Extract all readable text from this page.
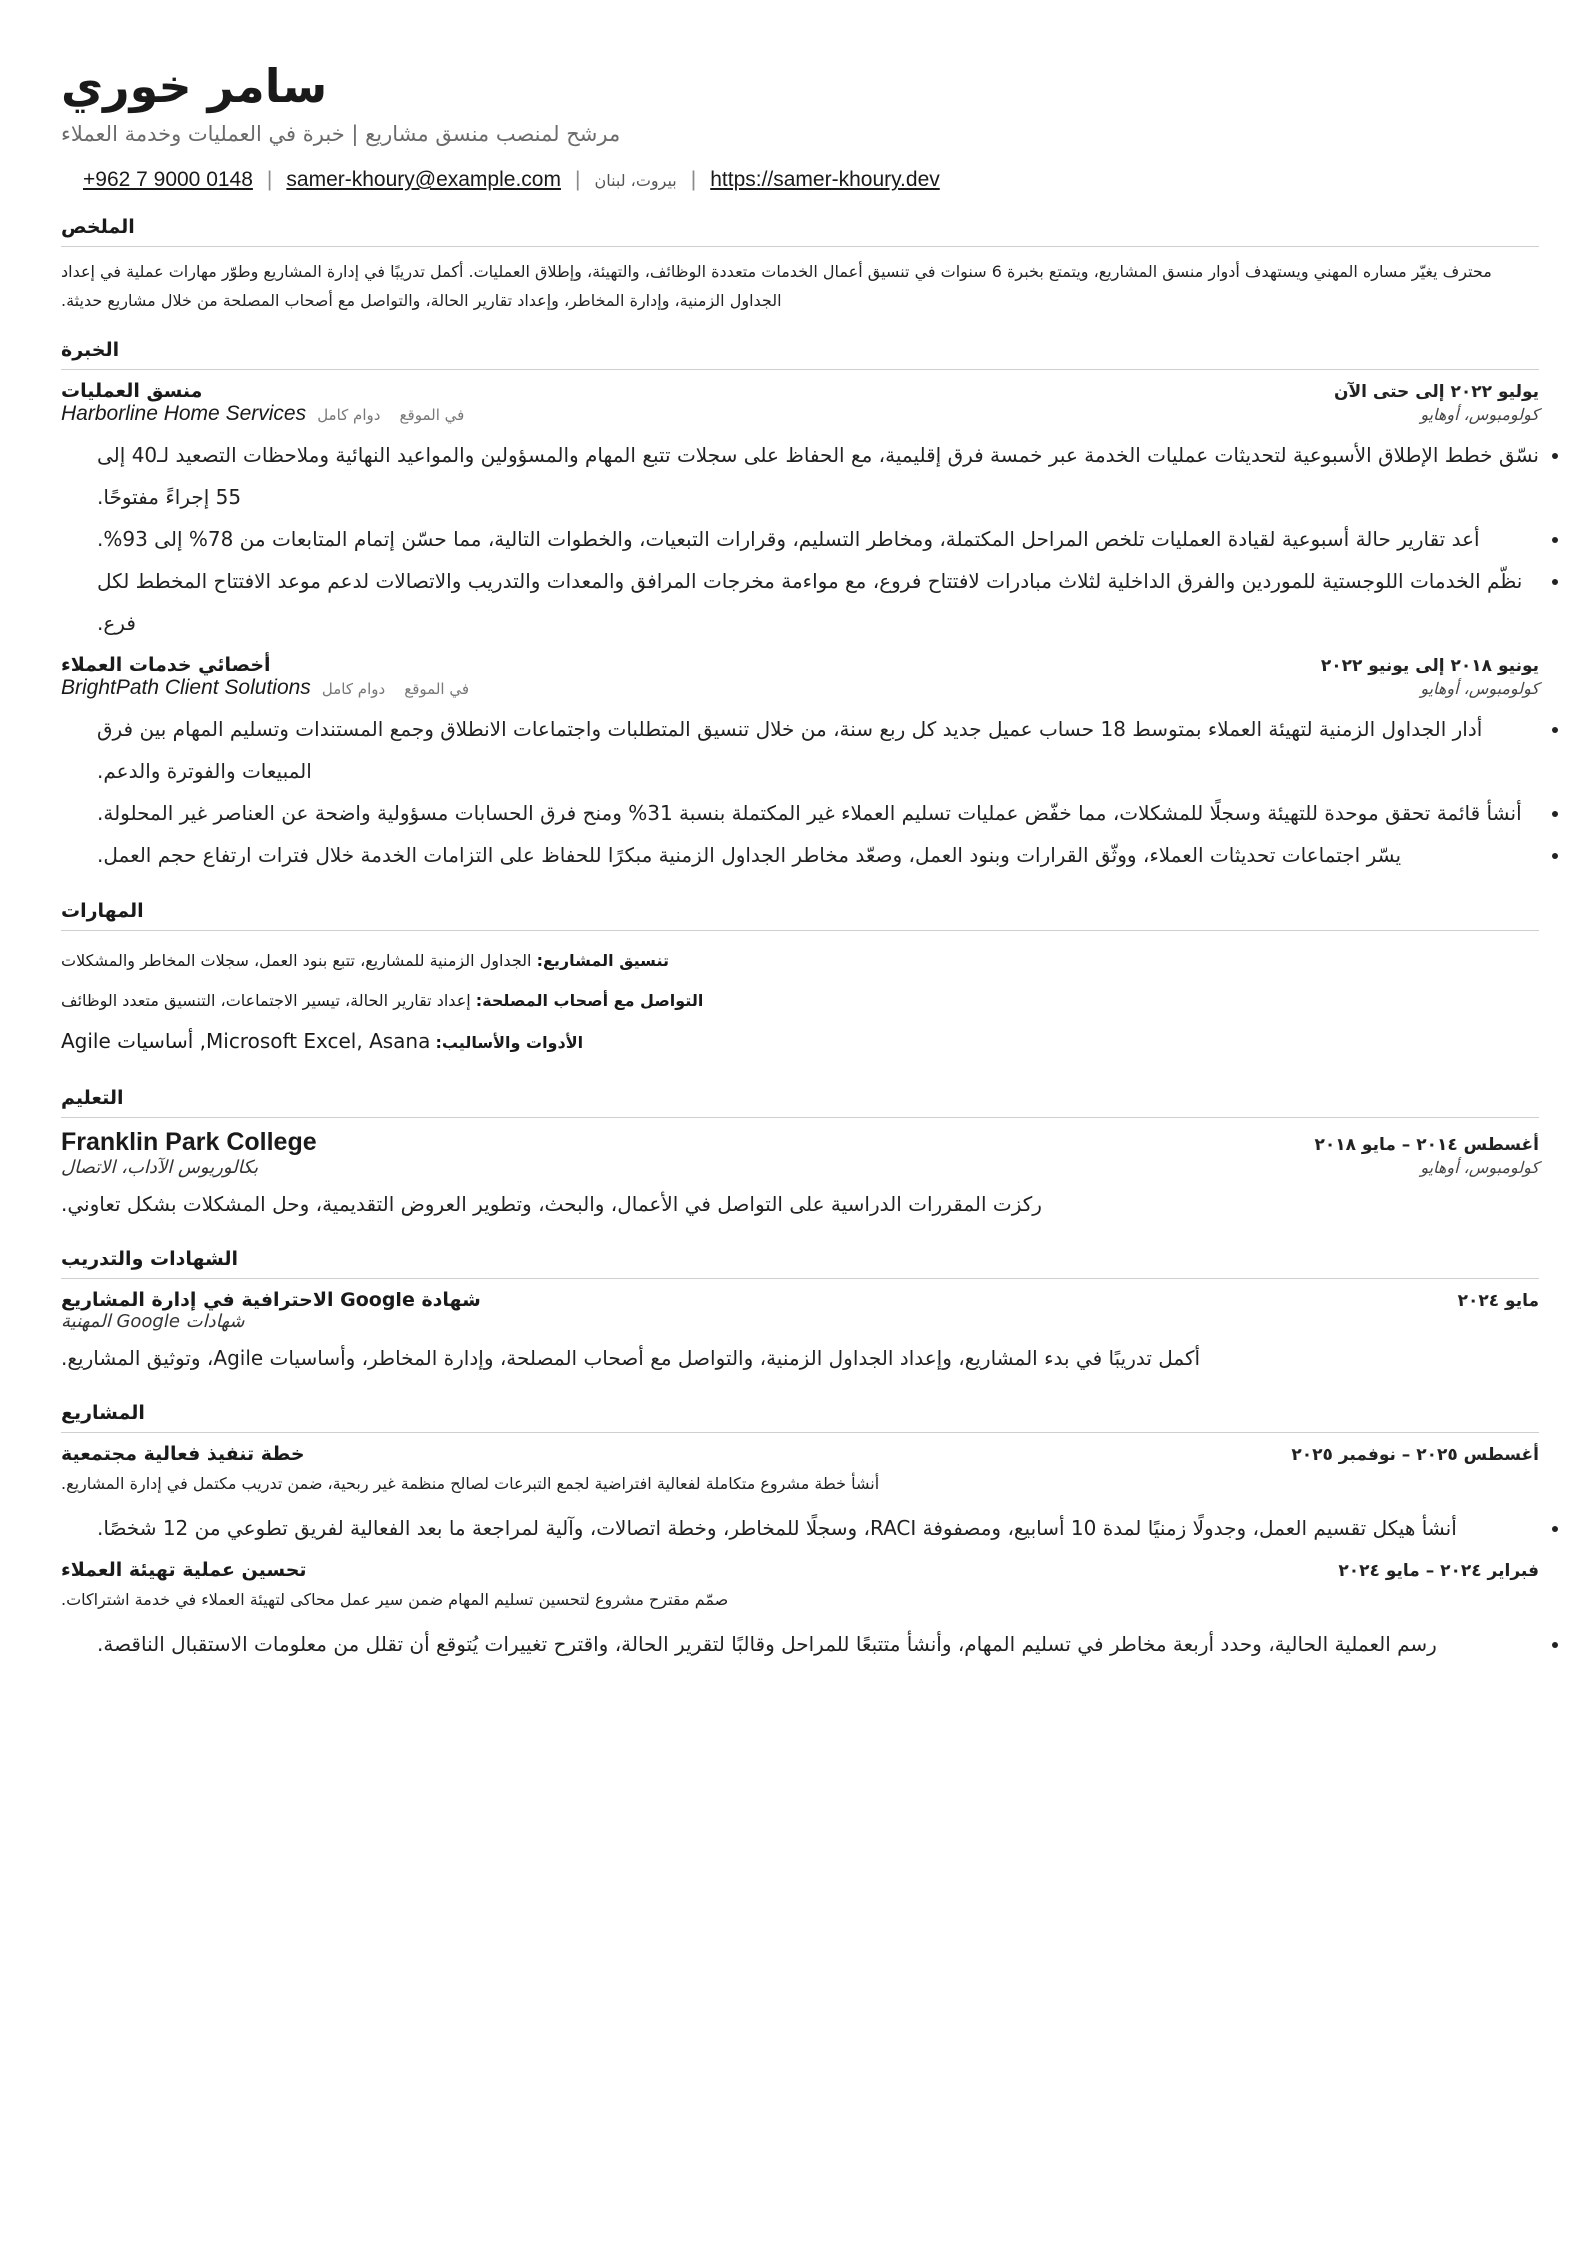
سامر خوري
مرشح لمنصب منسق مشاريع | خبرة في العمليات وخدمة العملاء
+962 7 9000 0148 | samer-khoury@example.com | بيروت، لبنان | https://samer-khoury.dev
الملخص
محترف يغيّر مساره المهني ويستهدف أدوار منسق المشاريع، ويتمتع بخبرة 6 سنوات في تنسيق أعمال الخدمات متعددة الوظائف، والتهيئة، وإطلاق العمليات. أكمل تدريبًا في إدارة المشاريع وطوّر مهارات عملية في إعداد الجداول الزمنية، وإدارة المخاطر، وإعداد تقارير الحالة، والتواصل مع أصحاب المصلحة من خلال مشاريع حديثة.
الخبرة
منسق العمليات	يوليو ٢٠٢٢ إلى حتى الآن
Harborline Home Services	في الموقع دوام كامل	كولومبوس، أوهايو
• نسّق خطط الإطلاق الأسبوعية لتحديثات عمليات الخدمة عبر خمسة فرق إقليمية، مع الحفاظ على سجلات تتبع المهام والمسؤولين والمواعيد النهائية وملاحظات التصعيد لـ40 إلى 55 إجراءً مفتوحًا.
• أعد تقارير حالة أسبوعية لقيادة العمليات تلخص المراحل المكتملة، ومخاطر التسليم، وقرارات التبعيات، والخطوات التالية، مما حسّن إتمام المتابعات من 78% إلى 93%.
• نظّم الخدمات اللوجستية للموردين والفرق الداخلية لثلاث مبادرات لافتتاح فروع، مع مواءمة مخرجات المرافق والمعدات والتدريب والاتصالات لدعم موعد الافتتاح المخطط لكل فرع.
أخصائي خدمات العملاء	يونيو ٢٠١٨ إلى يونيو ٢٠٢٢
BrightPath Client Solutions	في الموقع دوام كامل	كولومبوس، أوهايو
• أدار الجداول الزمنية لتهيئة العملاء بمتوسط 18 حساب عميل جديد كل ربع سنة، من خلال تنسيق المتطلبات واجتماعات الانطلاق وجمع المستندات وتسليم المهام بين فرق المبيعات والفوترة والدعم.
• أنشأ قائمة تحقق موحدة للتهيئة وسجلًا للمشكلات، مما خفّض عمليات تسليم العملاء غير المكتملة بنسبة 31% ومنح فرق الحسابات مسؤولية واضحة عن العناصر غير المحلولة.
• يسّر اجتماعات تحديثات العملاء، ووثّق القرارات وبنود العمل، وصعّد مخاطر الجداول الزمنية مبكرًا للحفاظ على التزامات الخدمة خلال فترات ارتفاع حجم العمل.
المهارات
تنسيق المشاريع: الجداول الزمنية للمشاريع، تتبع بنود العمل، سجلات المخاطر والمشكلات
التواصل مع أصحاب المصلحة: إعداد تقارير الحالة، تيسير الاجتماعات، التنسيق متعدد الوظائف
الأدوات والأساليب: Microsoft Excel, Asana, أساسيات Agile
التعليم
Franklin Park College	أغسطس ٢٠١٤ – مايو ٢٠١٨
بكالوريوس الآداب، الاتصال	كولومبوس، أوهايو
ركزت المقررات الدراسية على التواصل في الأعمال، والبحث، وتطوير العروض التقديمية، وحل المشكلات بشكل تعاوني.
الشهادات والتدريب
شهادة Google الاحترافية في إدارة المشاريع	مايو ٢٠٢٤
شهادات Google المهنية
أكمل تدريبًا في بدء المشاريع، وإعداد الجداول الزمنية، والتواصل مع أصحاب المصلحة، وإدارة المخاطر، وأساسيات Agile، وتوثيق المشاريع.
المشاريع
خطة تنفيذ فعالية مجتمعية	أغسطس ٢٠٢٥ – نوفمبر ٢٠٢٥
أنشأ خطة مشروع متكاملة لفعالية افتراضية لجمع التبرعات لصالح منظمة غير ربحية، ضمن تدريب مكتمل في إدارة المشاريع.
• أنشأ هيكل تقسيم العمل، وجدولًا زمنيًا لمدة 10 أسابيع، ومصفوفة RACI، وسجلًا للمخاطر، وخطة اتصالات، وآلية لمراجعة ما بعد الفعالية لفريق تطوعي من 12 شخصًا.
تحسين عملية تهيئة العملاء	فبراير ٢٠٢٤ – مايو ٢٠٢٤
صمّم مقترح مشروع لتحسين تسليم المهام ضمن سير عمل محاكى لتهيئة العملاء في خدمة اشتراكات.
• رسم العملية الحالية، وحدد أربعة مخاطر في تسليم المهام، وأنشأ متتبعًا للمراحل وقالبًا لتقرير الحالة، واقترح تغييرات يُتوقع أن تقلل من معلومات الاستقبال الناقصة.
